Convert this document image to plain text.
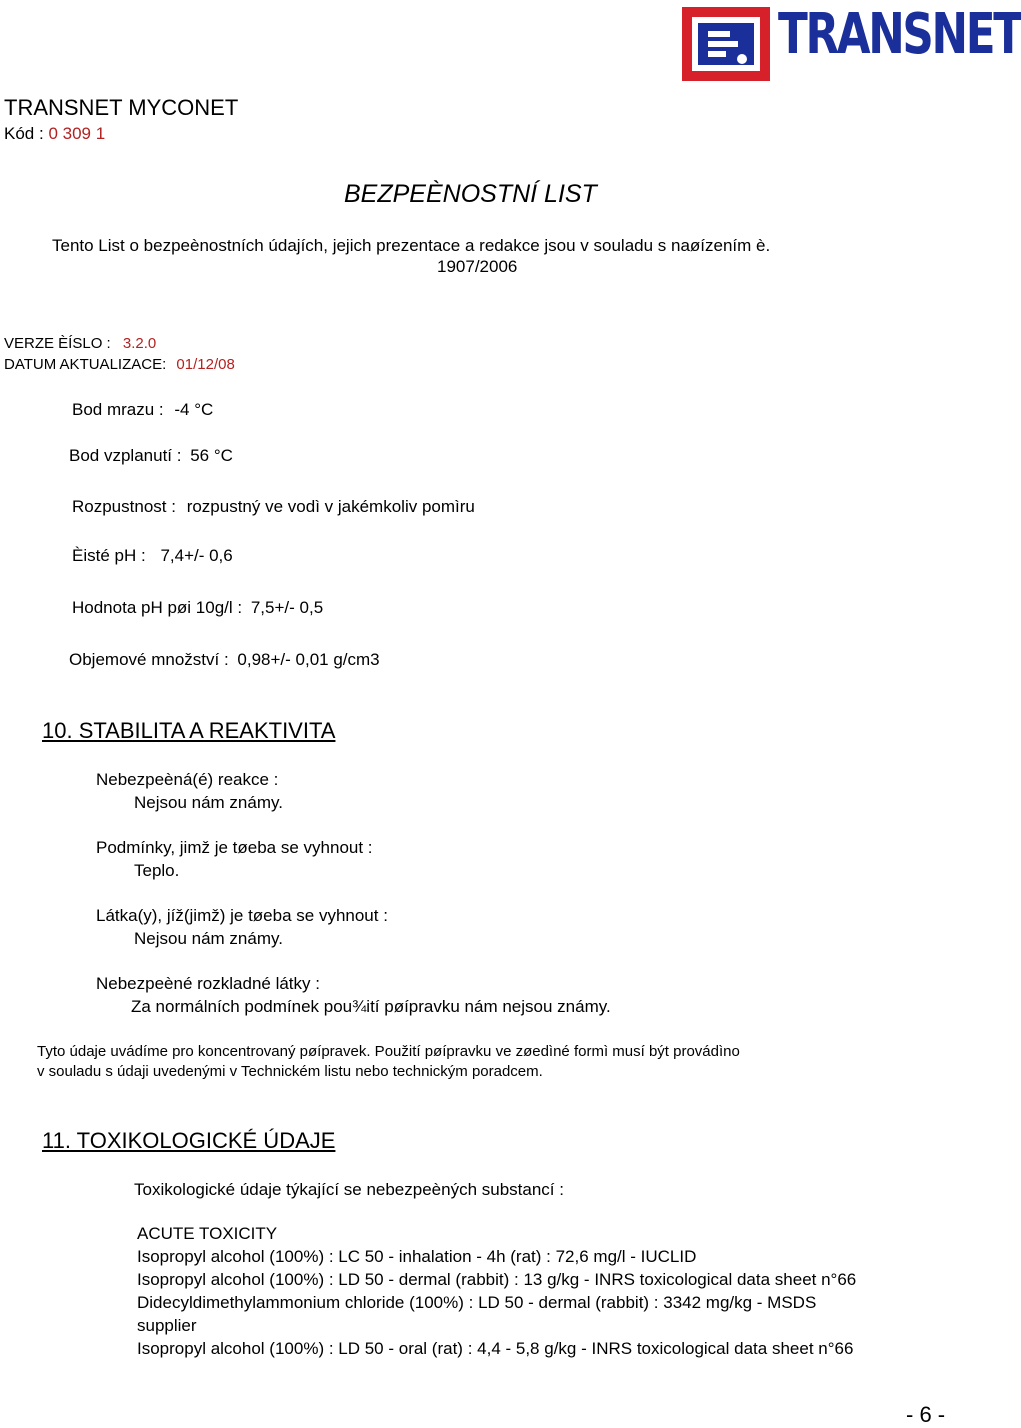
TRANSNET
TRANSNET MYCONET
Kód : 0 309 1
BEZPEÈNOSTNÍ LIST
Tento List o bezpeènostních údajích, jejich prezentace a redakce jsou v souladu s naøízením è.
1907/2006
VERZE ÈÍSLO : 3.2.0
DATUM AKTUALIZACE: 01/12/08
Bod mrazu : -4 °C
Bod vzplanutí : 56 °C
Rozpustnost : rozpustný ve vodì v jakémkoliv pomìru
Èisté pH : 7,4+/- 0,6
Hodnota pH pøi 10g/l : 7,5+/- 0,5
Objemové množství : 0,98+/- 0,01 g/cm3
10. STABILITA A REAKTIVITA
Nebezpeèná(é) reakce :
Nejsou nám známy.
Podmínky, jimž je tøeba se vyhnout :
Teplo.
Látka(y), jíž(jimž) je tøeba se vyhnout :
Nejsou nám známy.
Nebezpeèné rozkladné látky :
Za normálních podmínek pou¾ití pøípravku nám nejsou známy.
Tyto údaje uvádíme pro koncentrovaný pøípravek. Použití pøípravku ve zøedìné formì musí být provádìno
v souladu s údaji uvedenými v Technickém listu nebo technickým poradcem.
11. TOXIKOLOGICKÉ ÚDAJE
Toxikologické údaje týkající se nebezpeèných substancí :
ACUTE TOXICITY
Isopropyl alcohol (100%) : LC 50 - inhalation - 4h (rat) : 72,6 mg/l - IUCLID
Isopropyl alcohol (100%) : LD 50 - dermal (rabbit) : 13 g/kg - INRS toxicological data sheet n°66
Didecyldimethylammonium chloride (100%) : LD 50 - dermal (rabbit) : 3342 mg/kg - MSDS
supplier
Isopropyl alcohol (100%) : LD 50 - oral (rat) : 4,4 - 5,8 g/kg - INRS toxicological data sheet n°66
- 6 -
